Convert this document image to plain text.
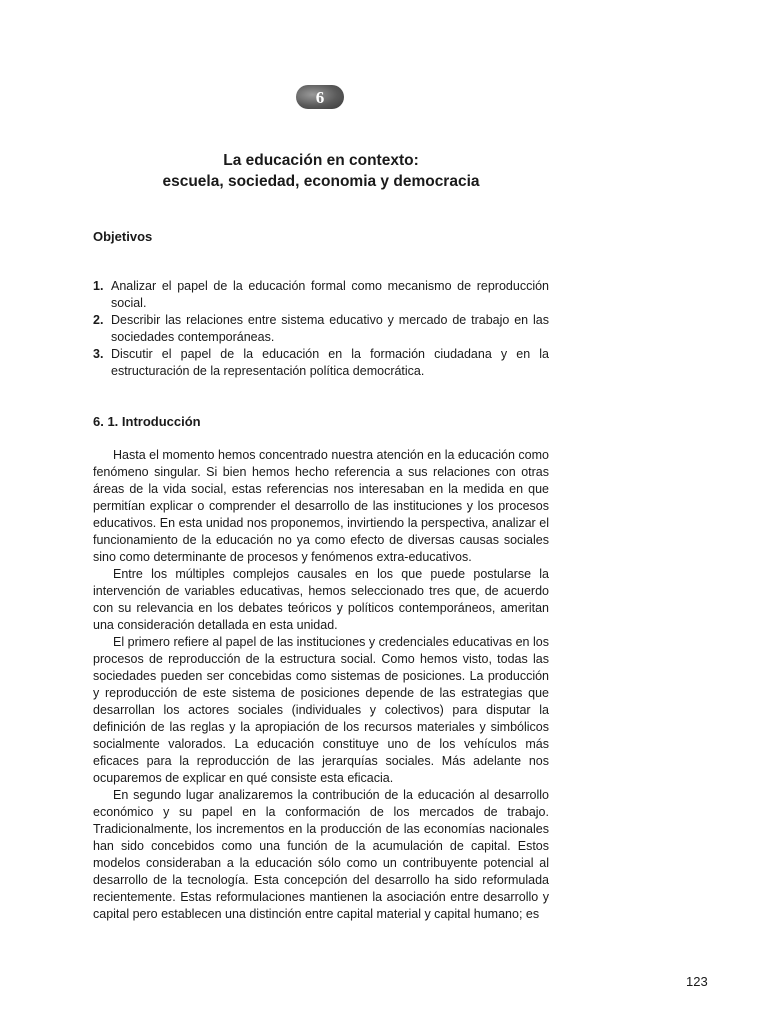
6
La educación en contexto:
escuela, sociedad, economia y democracia
Objetivos
1. Analizar el papel de la educación formal como mecanismo de reproducción social.
2. Describir las relaciones entre sistema educativo y mercado de trabajo en las sociedades contemporáneas.
3. Discutir el papel de la educación en la formación ciudadana y en la estructuración de la representación política democrática.
6. 1. Introducción

Hasta el momento hemos concentrado nuestra atención en la educación como fenómeno singular. Si bien hemos hecho referencia a sus relaciones con otras áreas de la vida social, estas referencias nos interesaban en la medida en que permitían explicar o comprender el desarrollo de las instituciones y los procesos educativos. En esta unidad nos proponemos, invirtiendo la perspectiva, analizar el funcionamiento de la educación no ya como efecto de diversas causas sociales sino como determinante de procesos y fenómenos extra-educativos.

Entre los múltiples complejos causales en los que puede postularse la intervención de variables educativas, hemos seleccionado tres que, de acuerdo con su relevancia en los debates teóricos y políticos contemporáneos, ameritan una consideración detallada en esta unidad.

El primero refiere al papel de las instituciones y credenciales educativas en los procesos de reproducción de la estructura social. Como hemos visto, todas las sociedades pueden ser concebidas como sistemas de posiciones. La producción y reproducción de este sistema de posiciones depende de las estrategias que desarrollan los actores sociales (individuales y colectivos) para disputar la definición de las reglas y la apropiación de los recursos materiales y simbólicos socialmente valorados. La educación constituye uno de los vehículos más eficaces para la reproducción de las jerarquías sociales. Más adelante nos ocuparemos de explicar en qué consiste esta eficacia.

En segundo lugar analizaremos la contribución de la educación al desarrollo económico y su papel en la conformación de los mercados de trabajo. Tradicionalmente, los incrementos en la producción de las economías nacionales han sido concebidos como una función de la acumulación de capital. Estos modelos consideraban a la educación sólo como un contribuyente potencial al desarrollo de la tecnología. Esta concepción del desarrollo ha sido reformulada recientemente. Estas reformulaciones mantienen la asociación entre desarrollo y capital pero establecen una distinción entre capital material y capital humano; es

123
